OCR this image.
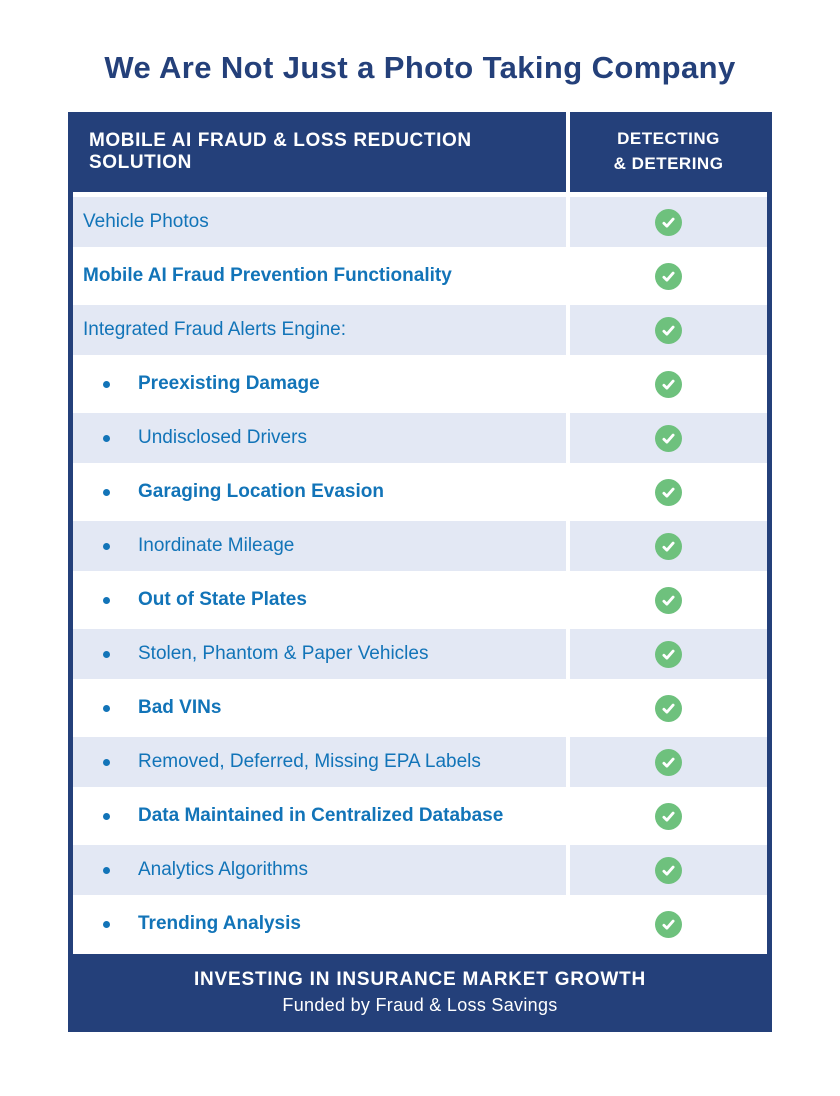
We Are Not Just a Photo Taking Company
MOBILE AI FRAUD & LOSS REDUCTION SOLUTION
DETECTING
& DETERING
Vehicle Photos
Mobile AI Fraud Prevention Functionality
Integrated Fraud Alerts Engine:
Preexisting Damage
Undisclosed Drivers
Garaging Location Evasion
Inordinate Mileage
Out of State Plates
Stolen, Phantom & Paper Vehicles
Bad VINs
Removed, Deferred, Missing EPA Labels
Data Maintained in Centralized Database
Analytics Algorithms
Trending Analysis
INVESTING IN INSURANCE MARKET GROWTH
Funded by Fraud & Loss Savings
